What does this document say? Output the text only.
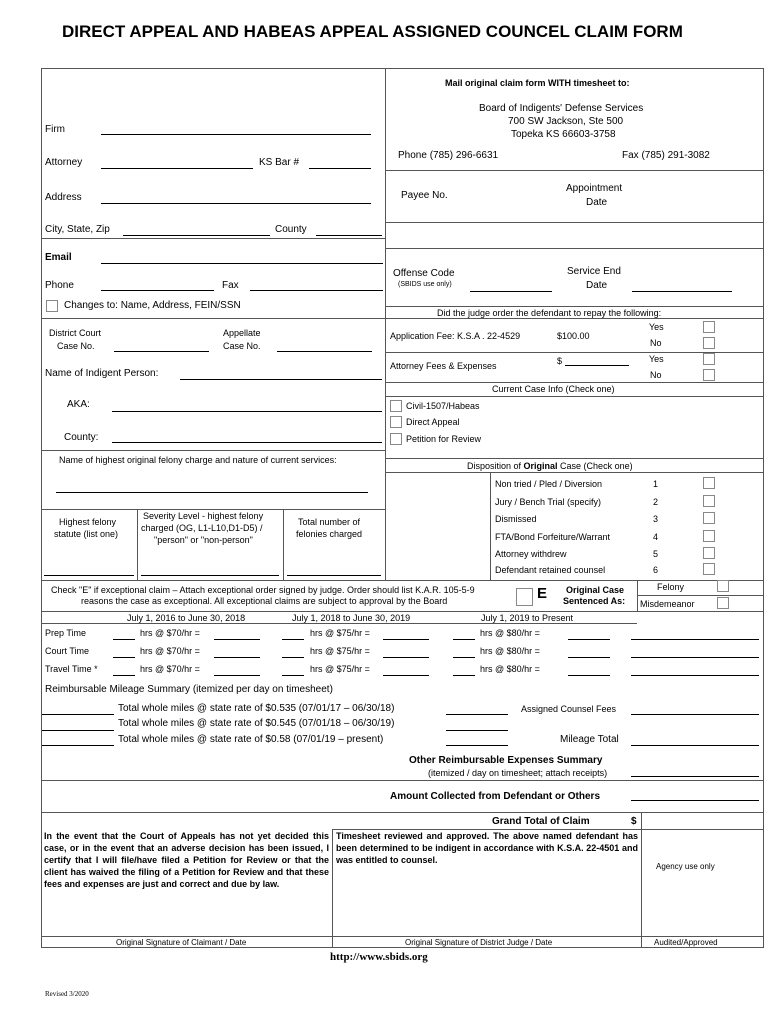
DIRECT APPEAL AND HABEAS APPEAL ASSIGNED COUNCEL CLAIM FORM
Mail original claim form WITH timesheet to:
Board of Indigents' Defense Services
700 SW Jackson, Ste 500
Topeka KS 66603-3758
Phone (785) 296-6631	Fax (785) 291-3082
Firm
Attorney	KS Bar #
Address
City, State, Zip	County
Email
Phone	Fax
Changes to: Name, Address, FEIN/SSN
Payee No.
Appointment
Date
Offense Code
(SBIDS use only)
Service End
Date
Did the judge order the defendant to repay the following:
Application Fee: K.S.A . 22-4529	$100.00
Yes
No
Attorney Fees & Expenses	$	Yes
No
Current Case Info (Check one)
Civil-1507/Habeas
Direct Appeal
Petition for Review
Disposition of Original Case (Check one)
Non tried / Pled / Diversion	1
Jury / Bench Trial (specify)	2
Dismissed	3
FTA/Bond Forfeiture/Warrant	4
Attorney withdrew	5
Defendant retained counsel	6
District Court
Case No.
Appellate
Case No.
Name of Indigent Person:
AKA:
County:
Name of highest original felony charge and nature of current services:
Highest felony
statute (list one)
Severity Level - highest felony
charged (OG, L1-L10,D1-D5) /
"person" or "non-person"
Total number of
felonies charged
Check "E" if exceptional claim – Attach exceptional order signed by judge. Order should list K.A.R. 105-5-9
reasons the case as exceptional. All exceptional claims are subject to approval by the Board	E Original Case
Sentenced As:
Felony
Misdemeanor
July 1, 2016 to June 30, 2018	July 1, 2018 to June 30, 2019	July 1, 2019 to Present
Prep Time	hrs @ $70/hr =	hrs @ $75/hr =	hrs @ $80/hr =
Court Time	hrs @ $70/hr =	hrs @ $75/hr =	hrs @ $80/hr =
Travel Time *	hrs @ $70/hr =	hrs @ $75/hr =	hrs @ $80/hr =
Reimbursable Mileage Summary (itemized per day on timesheet)
Total whole miles @ state rate of $0.535 (07/01/17 – 06/30/18)	Assigned Counsel Fees
Total whole miles @ state rate of $0.545 (07/01/18 – 06/30/19)
Total whole miles @ state rate of $0.58 (07/01/19 – present)	Mileage Total
Other Reimbursable Expenses Summary
(itemized / day on timesheet; attach receipts)
Amount Collected from Defendant or Others
Grand Total of Claim	$
In the event that the Court of Appeals has not yet decided this case, or in the event that an adverse decision has been issued, I certify that I will file/have filed a Petition for Review or that the client has waived the filing of a Petition for Review and that these fees and expenses are just and correct and due by law.
Timesheet reviewed and approved. The above named defendant has been determined to be indigent in accordance with K.S.A. 22-4501 and was entitled to counsel.
Agency use only
Original Signature of Claimant / Date	Original Signature of District Judge / Date	Audited/Approved
http://www.sbids.org
Revised 3/2020
